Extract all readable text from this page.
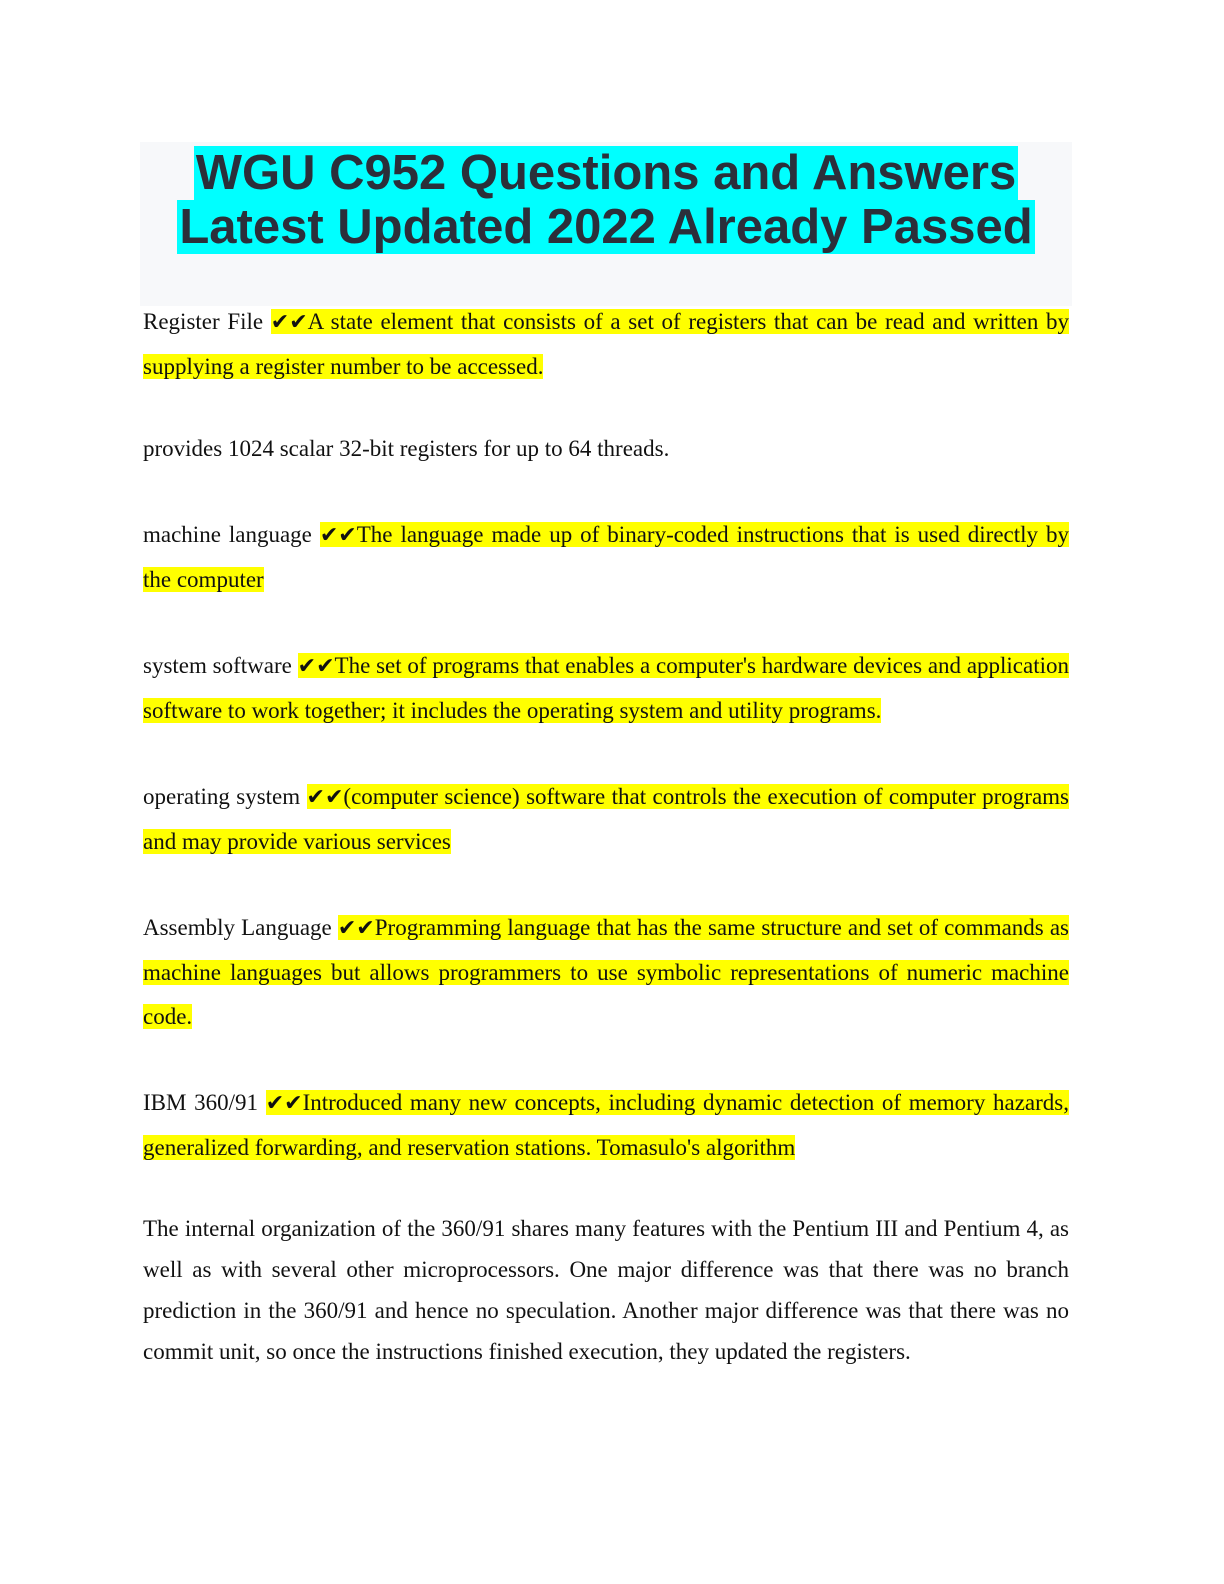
WGU C952 Questions and Answers
Latest Updated 2022 Already Passed

Register File ✔✔A state element that consists of a set of registers that can be read and written by supplying a register number to be accessed.

provides 1024 scalar 32-bit registers for up to 64 threads.

machine language ✔✔The language made up of binary-coded instructions that is used directly by the computer

system software ✔✔The set of programs that enables a computer's hardware devices and application software to work together; it includes the operating system and utility programs.

operating system ✔✔(computer science) software that controls the execution of computer programs and may provide various services

Assembly Language ✔✔Programming language that has the same structure and set of commands as machine languages but allows programmers to use symbolic representations of numeric machine code.

IBM 360/91 ✔✔Introduced many new concepts, including dynamic detection of memory hazards, generalized forwarding, and reservation stations. Tomasulo's algorithm

The internal organization of the 360/91 shares many features with the Pentium III and Pentium 4, as well as with several other microprocessors. One major difference was that there was no branch prediction in the 360/91 and hence no speculation. Another major difference was that there was no commit unit, so once the instructions finished execution, they updated the registers.
